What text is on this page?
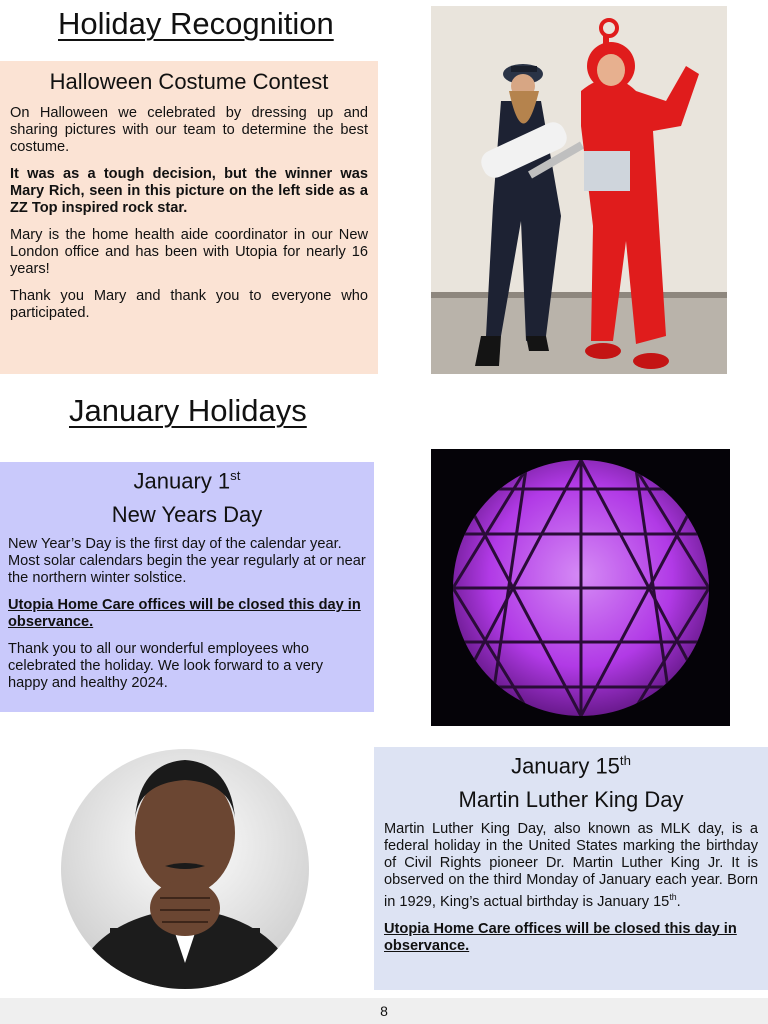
Holiday Recognition
Halloween Costume Contest

On Halloween we celebrated by dressing up and sharing pictures with our team to determine the best costume.

It was as a tough decision, but the winner was Mary Rich, seen in this picture on the left side as a ZZ Top inspired rock star.

Mary is the home health aide coordinator in our New London office and has been with Utopia for nearly 16 years!

Thank you Mary and thank you to everyone who participated.

January Holidays
January 1st
New Years Day

New Year’s Day is the first day of the calendar year. Most solar calendars begin the year regularly at or near the northern winter solstice.

Utopia Home Care offices will be closed this day in observance.

Thank you to all our wonderful employees who celebrated the holiday. We look forward to a very happy and healthy 2024.

January 15th
Martin Luther King Day

Martin Luther King Day, also known as MLK day, is a federal holiday in the United States marking the birthday of Civil Rights pioneer Dr. Martin Luther King Jr. It is observed on the third Monday of January each year. Born in 1929, King’s actual birthday is January 15th.

Utopia Home Care offices will be closed this day in observance.

8
